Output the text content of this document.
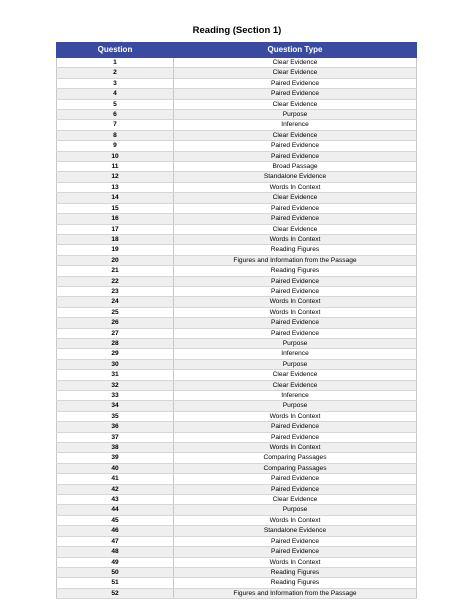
Reading (Section 1)
Question	Question Type
1	Clear Evidence
2	Clear Evidence
3	Paired Evidence
4	Paired Evidence
5	Clear Evidence
6	Purpose
7	Inference
8	Clear Evidence
9	Paired Evidence
10	Paired Evidence
11	Broad Passage
12	Standalone Evidence
13	Words In Context
14	Clear Evidence
15	Paired Evidence
16	Paired Evidence
17	Clear Evidence
18	Words In Context
19	Reading Figures
20	Figures and Information from the Passage
21	Reading Figures
22	Paired Evidence
23	Paired Evidence
24	Words In Context
25	Words In Context
26	Paired Evidence
27	Paired Evidence
28	Purpose
29	Inference
30	Purpose
31	Clear Evidence
32	Clear Evidence
33	Inference
34	Purpose
35	Words In Context
36	Paired Evidence
37	Paired Evidence
38	Words In Context
39	Comparing Passages
40	Comparing Passages
41	Paired Evidence
42	Paired Evidence
43	Clear Evidence
44	Purpose
45	Words In Context
46	Standalone Evidence
47	Paired Evidence
48	Paired Evidence
49	Words In Context
50	Reading Figures
51	Reading Figures
52	Figures and Information from the Passage
